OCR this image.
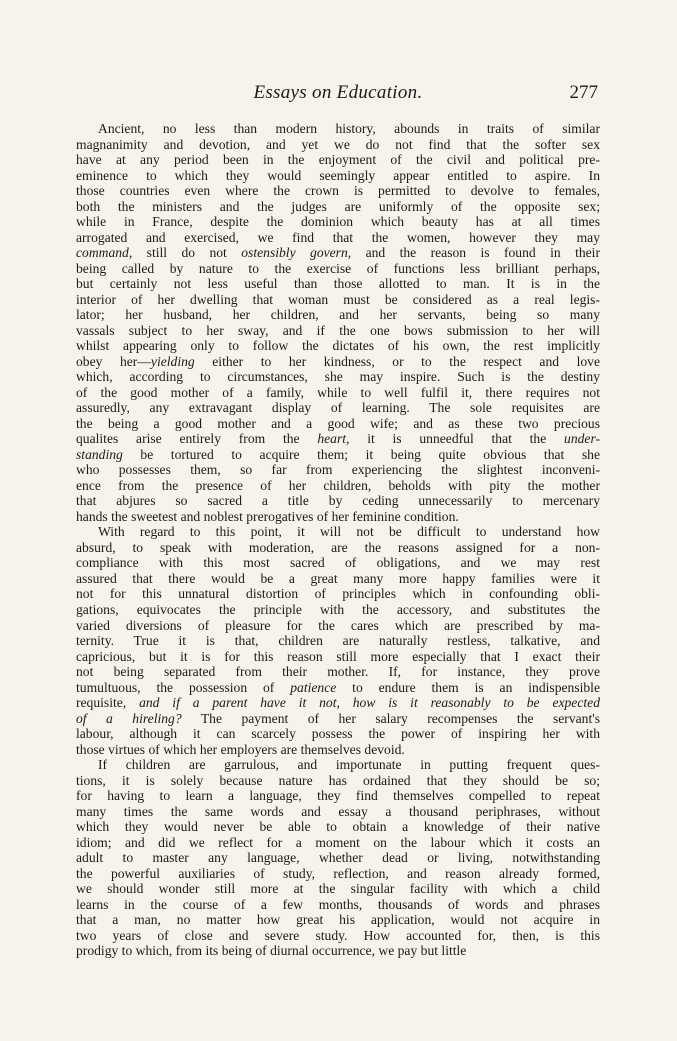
Essays on Education.	277
Ancient, no less than modern history, abounds in traits of similar
magnanimity and devotion, and yet we do not find that the softer sex
have at any period been in the enjoyment of the civil and political pre-
eminence to which they would seemingly appear entitled to aspire. In
those countries even where the crown is permitted to devolve to females,
both the ministers and the judges are uniformly of the opposite sex;
while in France, despite the dominion which beauty has at all times
arrogated and exercised, we find that the women, however they may
command, still do not ostensibly govern, and the reason is found in their
being called by nature to the exercise of functions less brilliant perhaps,
but certainly not less useful than those allotted to man. It is in the
interior of her dwelling that woman must be considered as a real legis-
lator; her husband, her children, and her servants, being so many
vassals subject to her sway, and if the one bows submission to her will
whilst appearing only to follow the dictates of his own, the rest implicitly
obey her—yielding either to her kindness, or to the respect and love
which, according to circumstances, she may inspire. Such is the destiny
of the good mother of a family, while to well fulfil it, there requires not
assuredly, any extravagant display of learning. The sole requisites are
the being a good mother and a good wife; and as these two precious
qualites arise entirely from the heart, it is unneedful that the under-
standing be tortured to acquire them; it being quite obvious that she
who possesses them, so far from experiencing the slightest inconveni-
ence from the presence of her children, beholds with pity the mother
that abjures so sacred a title by ceding unnecessarily to mercenary
hands the sweetest and noblest prerogatives of her feminine condition.
With regard to this point, it will not be difficult to understand how
absurd, to speak with moderation, are the reasons assigned for a non-
compliance with this most sacred of obligations, and we may rest
assured that there would be a great many more happy families were it
not for this unnatural distortion of principles which in confounding obli-
gations, equivocates the principle with the accessory, and substitutes the
varied diversions of pleasure for the cares which are prescribed by ma-
ternity. True it is that, children are naturally restless, talkative, and
capricious, but it is for this reason still more especially that I exact their
not being separated from their mother. If, for instance, they prove
tumultuous, the possession of patience to endure them is an indispensible
requisite, and if a parent have it not, how is it reasonably to be expected
of a hireling? The payment of her salary recompenses the servant's
labour, although it can scarcely possess the power of inspiring her with
those virtues of which her employers are themselves devoid.
If children are garrulous, and importunate in putting frequent ques-
tions, it is solely because nature has ordained that they should be so;
for having to learn a language, they find themselves compelled to repeat
many times the same words and essay a thousand periphrases, without
which they would never be able to obtain a knowledge of their native
idiom; and did we reflect for a moment on the labour which it costs an
adult to master any language, whether dead or living, notwithstanding
the powerful auxiliaries of study, reflection, and reason already formed,
we should wonder still more at the singular facility with which a child
learns in the course of a few months, thousands of words and phrases
that a man, no matter how great his application, would not acquire in
two years of close and severe study. How accounted for, then, is this
prodigy to which, from its being of diurnal occurrence, we pay but little
